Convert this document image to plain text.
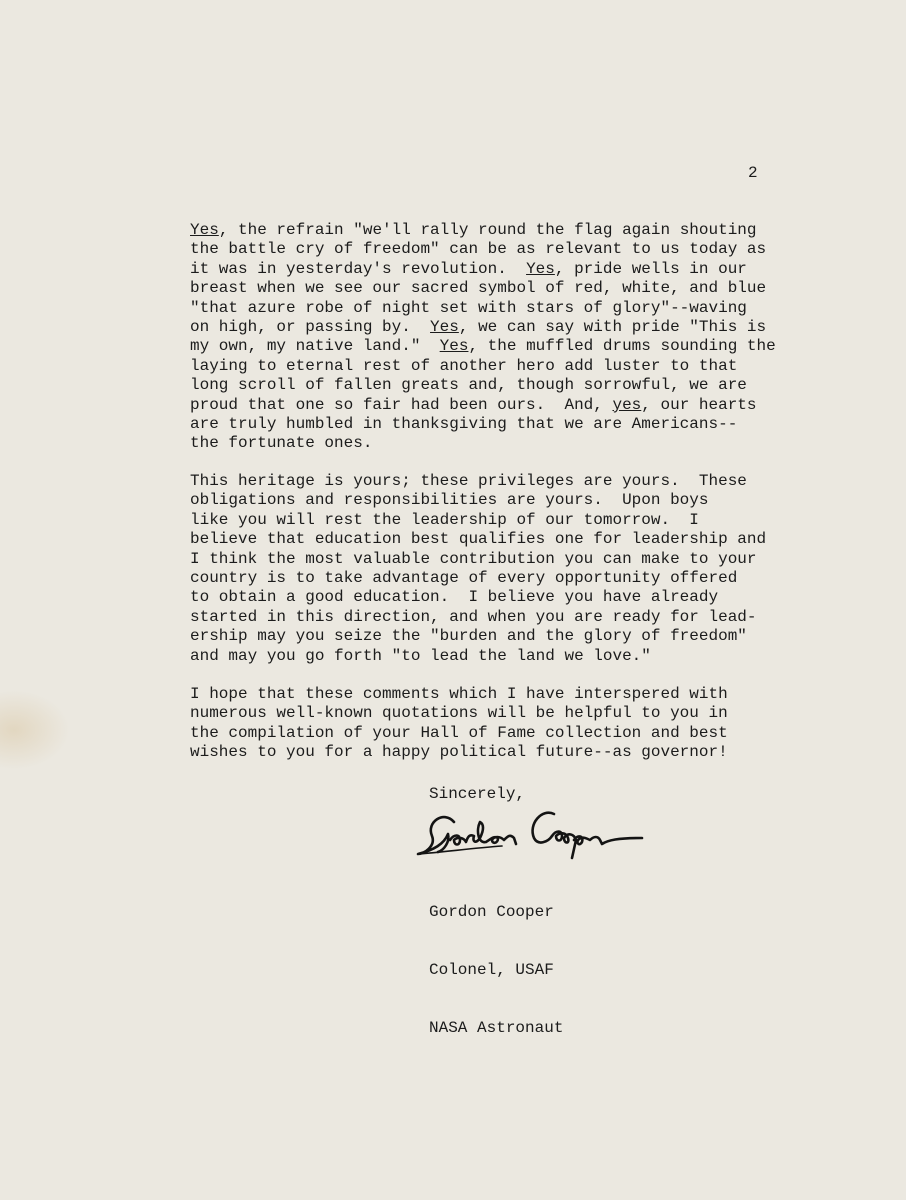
2
Yes, the refrain "we'll rally round the flag again shouting
the battle cry of freedom" can be as relevant to us today as
it was in yesterday's revolution.  Yes, pride wells in our
breast when we see our sacred symbol of red, white, and blue
"that azure robe of night set with stars of glory"--waving
on high, or passing by.  Yes, we can say with pride "This is
my own, my native land."  Yes, the muffled drums sounding the
laying to eternal rest of another hero add luster to that
long scroll of fallen greats and, though sorrowful, we are
proud that one so fair had been ours.  And, yes, our hearts
are truly humbled in thanksgiving that we are Americans--
the fortunate ones.
This heritage is yours; these privileges are yours.  These
obligations and responsibilities are yours.  Upon boys
like you will rest the leadership of our tomorrow.  I
believe that education best qualifies one for leadership and
I think the most valuable contribution you can make to your
country is to take advantage of every opportunity offered
to obtain a good education.  I believe you have already
started in this direction, and when you are ready for lead-
ership may you seize the "burden and the glory of freedom"
and may you go forth "to lead the land we love."
I hope that these comments which I have interspered with
numerous well-known quotations will be helpful to you in
the compilation of your Hall of Fame collection and best
wishes to you for a happy political future--as governor!
Sincerely,

Gordon Cooper

Colonel, USAF

NASA Astronaut
